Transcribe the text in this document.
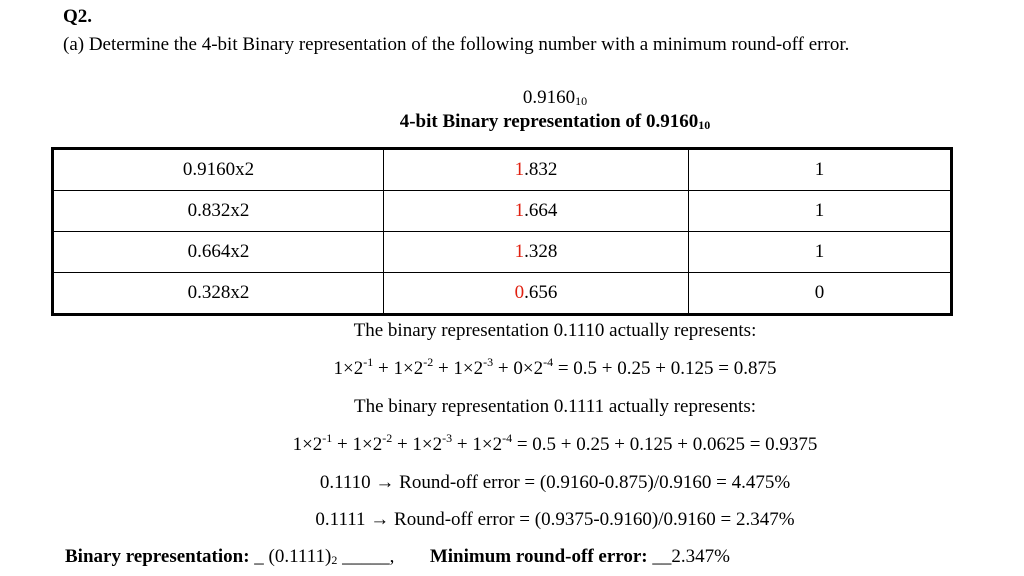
Q2.
(a) Determine the 4-bit Binary representation of the following number with a minimum round-off error.
$0.9160_{10}$
4-bit Binary representation of $0.9160_{10}$
0.9160x2	1.832	1
0.832x2	1.664	1
0.664x2	1.328	1
0.328x2	0.656	0
The binary representation 0.1110 actually represents:
$1\times 2^{-1} + 1\times 2^{-2} + 1\times 2^{-3} + 0\times 2^{-4} = 0.5 + 0.25 + 0.125 = 0.875$
The binary representation 0.1111 actually represents:
$1\times 2^{-1} + 1\times 2^{-2} + 1\times 2^{-3} + 1\times 2^{-4} = 0.5 + 0.25 + 0.125 + 0.0625 = 0.9375$
0.1110 → Round-off error = (0.9160-0.875)/0.9160 = 4.475%
0.1111 → Round-off error = (0.9375-0.9160)/0.9160 = 2.347%
Binary representation: _ $(0.1111)_2$ _____, Minimum round-off error: __2.347%
